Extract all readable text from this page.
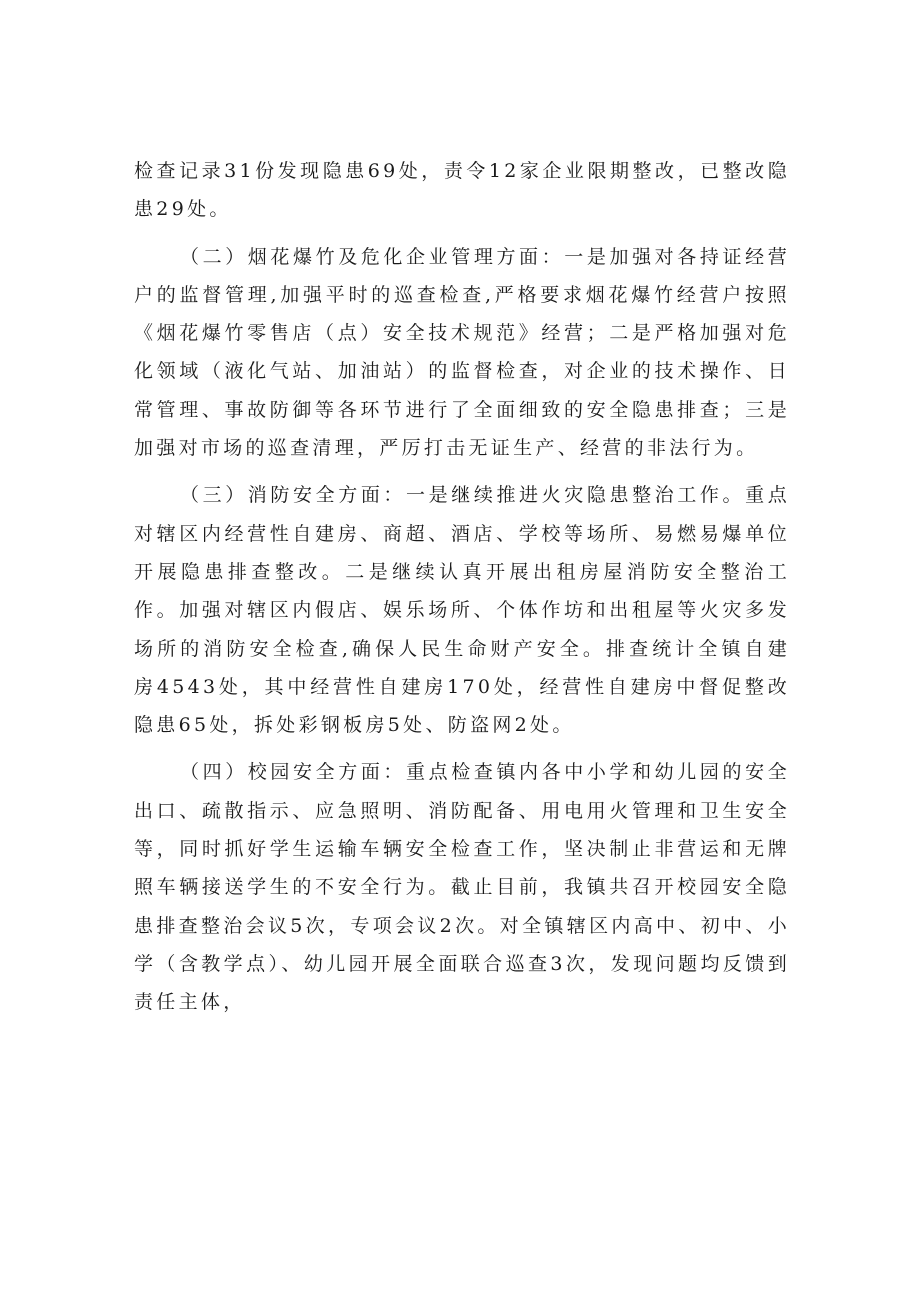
检查记录31份发现隐患69处，责令12家企业限期整改，已整改隐患29处。

（二）烟花爆竹及危化企业管理方面：一是加强对各持证经营户的监督管理,加强平时的巡查检查,严格要求烟花爆竹经营户按照《烟花爆竹零售店（点）安全技术规范》经营；二是严格加强对危化领域（液化气站、加油站）的监督检查，对企业的技术操作、日常管理、事故防御等各环节进行了全面细致的安全隐患排查；三是加强对市场的巡查清理，严厉打击无证生产、经营的非法行为。

（三）消防安全方面：一是继续推进火灾隐患整治工作。重点对辖区内经营性自建房、商超、酒店、学校等场所、易燃易爆单位开展隐患排查整改。二是继续认真开展出租房屋消防安全整治工作。加强对辖区内假店、娱乐场所、个体作坊和出租屋等火灾多发场所的消防安全检查,确保人民生命财产安全。排查统计全镇自建房4543处，其中经营性自建房170处，经营性自建房中督促整改隐患65处，拆处彩钢板房5处、防盗网2处。

（四）校园安全方面：重点检查镇内各中小学和幼儿园的安全出口、疏散指示、应急照明、消防配备、用电用火管理和卫生安全等，同时抓好学生运输车辆安全检查工作，坚决制止非营运和无牌照车辆接送学生的不安全行为。截止目前，我镇共召开校园安全隐患排查整治会议5次，专项会议2次。对全镇辖区内高中、初中、小学（含教学点）、幼儿园开展全面联合巡查3次，发现问题均反馈到责任主体，
